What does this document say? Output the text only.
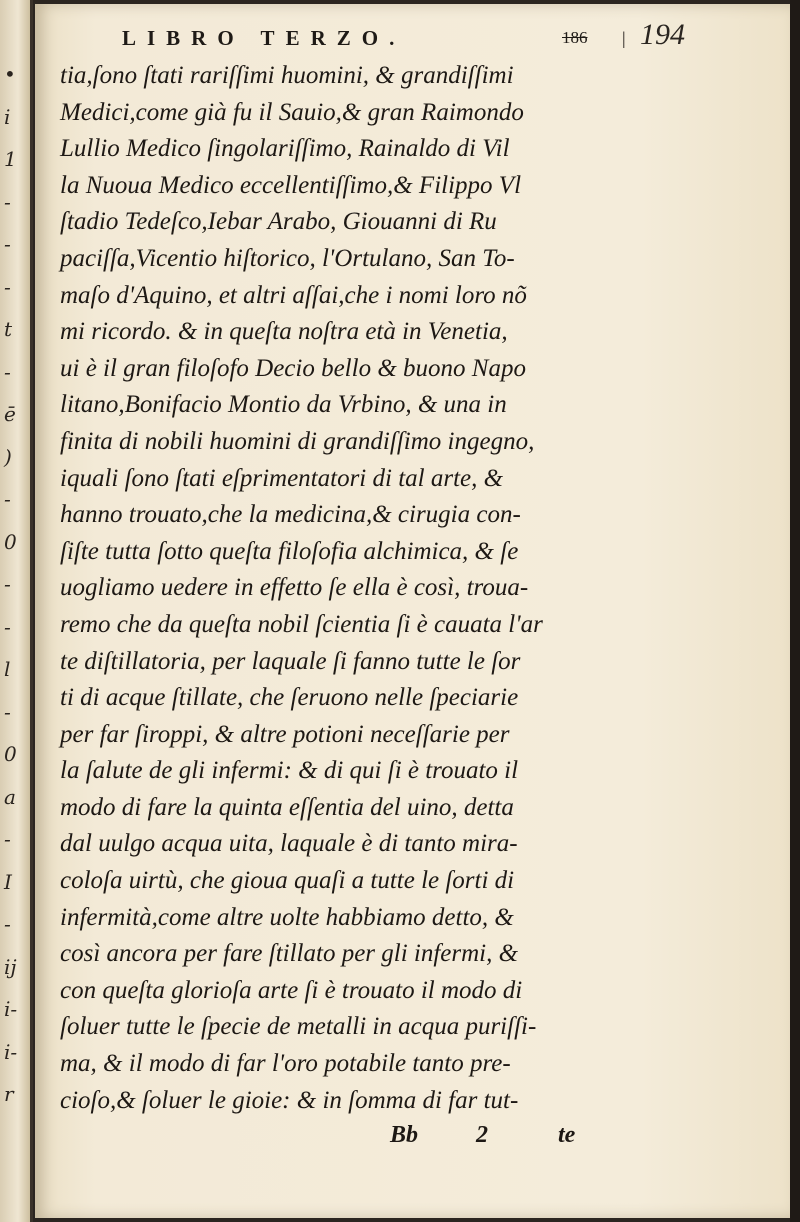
•
i
1
-
-
-
t
-
ē
)
-
0
-
-
l
-
0
a
-
I
-
ij
i-
i-
r
LIBRO TERZO.	186 | 194
tia,ſono ſtati rariſſimi huomini, & grandiſſimi
Medici,come già fu il Sauio,& gran Raimondo
Lullio Medico ſingolariſſimo, Rainaldo di Vil
la Nuoua Medico eccellentiſſimo,& Filippo Vl
ſtadio Tedeſco,Iebar Arabo, Giouanni di Ru
paciſſa,Vicentio hiſtorico, l'Ortulano, San To-
maſo d'Aquino, et altri aſſai,che i nomi loro nõ
mi ricordo. & in queſta noſtra età in Venetia,
ui è il gran filoſofo Decio bello & buono Napo
litano,Bonifacio Montio da Vrbino, & una in
finita di nobili huomini di grandiſſimo ingegno,
iquali ſono ſtati eſprimentatori di tal arte, &
hanno trouato,che la medicina,& cirugia con-
ſiſte tutta ſotto queſta filoſofia alchimica, & ſe
uogliamo uedere in effetto ſe ella è così, troua-
remo che da queſta nobil ſcientia ſi è cauata l'ar
te diſtillatoria, per laquale ſi fanno tutte le ſor
ti di acque ſtillate, che ſeruono nelle ſpeciarie
per far ſiroppi, & altre potioni neceſſarie per
la ſalute de gli infermi: & di qui ſi è trouato il
modo di fare la quinta eſſentia del uino, detta
dal uulgo acqua uita, laquale è di tanto mira-
coloſa uirtù, che gioua quaſi a tutte le ſorti di
infermità,come altre uolte habbiamo detto, &
così ancora per fare ſtillato per gli infermi, &
con queſta glorioſa arte ſi è trouato il modo di
ſoluer tutte le ſpecie de metalli in acqua puriſſi-
ma, & il modo di far l'oro potabile tanto pre-
cioſo,& ſoluer le gioie: & in ſomma di far tut-
Bb 2	te
